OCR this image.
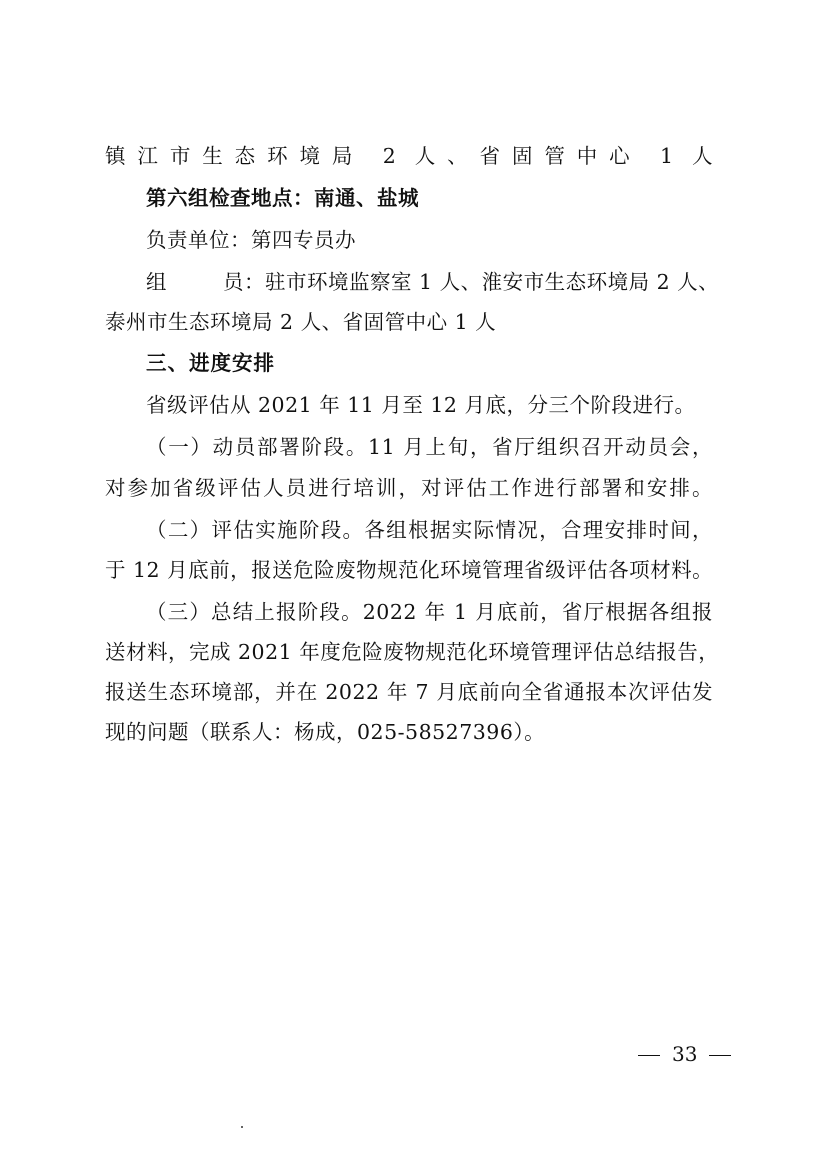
镇江市生态环境局 2 人、省固管中心 1 人
第六组检查地点：南通、盐城
负责单位：第四专员办
组 员：驻市环境监察室 1 人、淮安市生态环境局 2 人、
泰州市生态环境局 2 人、省固管中心 1 人
三、进度安排
省级评估从 2021 年 11 月至 12 月底，分三个阶段进行。
（一）动员部署阶段。11 月上旬，省厅组织召开动员会，
对参加省级评估人员进行培训，对评估工作进行部署和安排。
（二）评估实施阶段。各组根据实际情况，合理安排时间，
于 12 月底前，报送危险废物规范化环境管理省级评估各项材料。
（三）总结上报阶段。2022 年 1 月底前，省厅根据各组报
送材料，完成 2021 年度危险废物规范化环境管理评估总结报告，
报送生态环境部，并在 2022 年 7 月底前向全省通报本次评估发
现的问题（联系人：杨成，025-58527396）。
33
